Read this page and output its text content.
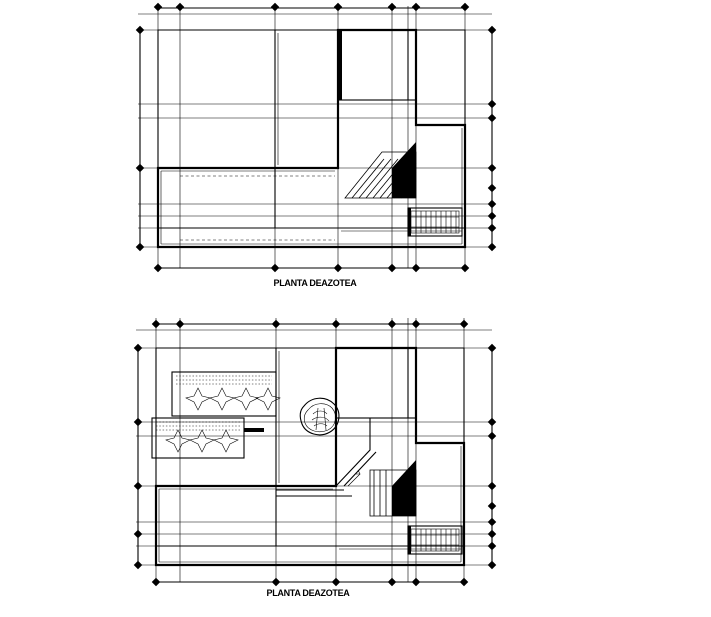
PLANTA DEAZOTEA
PLANTA DEAZOTEA
